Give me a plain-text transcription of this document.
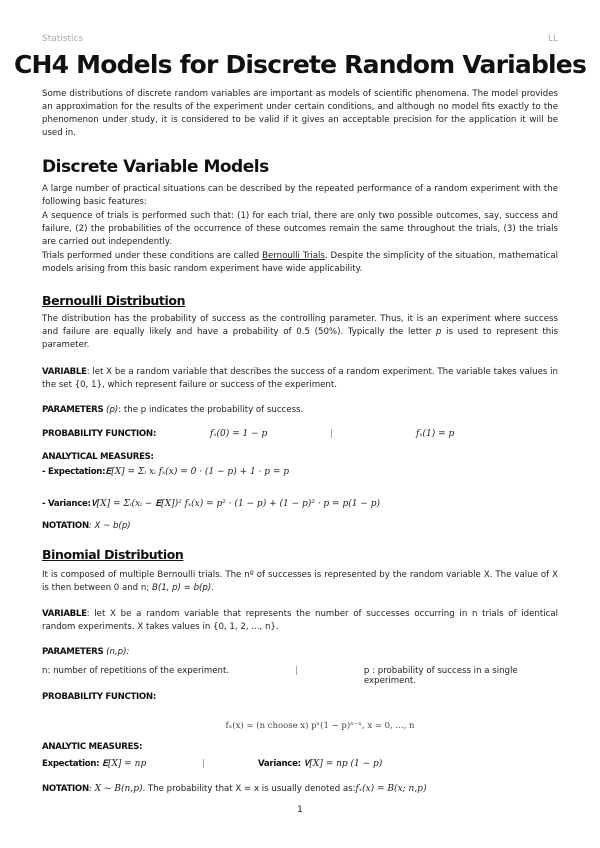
Statistics	LL
CH4 Models for Discrete Random Variables

Some distributions of discrete random variables are important as models of scientific phenomena. The model provides an approximation for the results of the experiment under certain conditions, and although no model fits exactly to the phenomenon under study, it is considered to be valid if it gives an acceptable precision for the application it will be used in.

Discrete Variable Models

A large number of practical situations can be described by the repeated performance of a random experiment with the following basic features:

A sequence of trials is performed such that: (1) for each trial, there are only two possible outcomes, say, success and failure, (2) the probabilities of the occurrence of these outcomes remain the same throughout the trials, (3) the trials are carried out independently.

Trials performed under these conditions are called Bernoulli Trials. Despite the simplicity of the situation, mathematical models arising from this basic random experiment have wide applicability.

Bernoulli Distribution

The distribution has the probability of success as the controlling parameter. Thus, it is an experiment where success and failure are equally likely and have a probability of 0.5 (50%). Typically the letter p is used to represent this parameter.

VARIABLE: let X be a random variable that describes the success of a random experiment. The variable takes values in the set {0, 1}, which represent failure or success of the experiment.

PARAMETERS (p): the p indicates the probability of success.

PROBABILITY FUNCTION:	fₓ(0) = 1 − p	|	fₓ(1) = p

ANALYTICAL MEASURES:

- Expectation: 𝐄[X] = Σᵢ xᵢ fₓ(x) = 0 · (1 − p) + 1 · p = p
- Variance: 𝐕[X] = Σᵢ(xᵢ − 𝐄[X])² fₓ(x) = p² · (1 − p) + (1 − p)² · p = p(1 − p)

NOTATION: X ~ b(p)

Binomial Distribution

It is composed of multiple Bernoulli trials. The nº of successes is represented by the random variable X. The value of X is then between 0 and n; B(1, p) = b(p).

VARIABLE: let X be a random variable that represents the number of successes occurring in n trials of identical random experiments. X takes values in {0, 1, 2, ..., n}.

PARAMETERS (n,p):

n: number of repetitions of the experiment.	|	p : probability of success in a single experiment.

PROBABILITY FUNCTION:

fₓ(x) = (n choose x) pˣ(1 − p)ⁿ⁻ˣ, x = 0, ..., n

ANALYTIC MEASURES:

Expectation: 𝐄[X] = np	|	Variance: 𝐕[X] = np (1 − p)
NOTATION : X ~ B(n,p) . The probability that X = x is usually denoted as: fₓ(x) = B(x; n,p)
1
